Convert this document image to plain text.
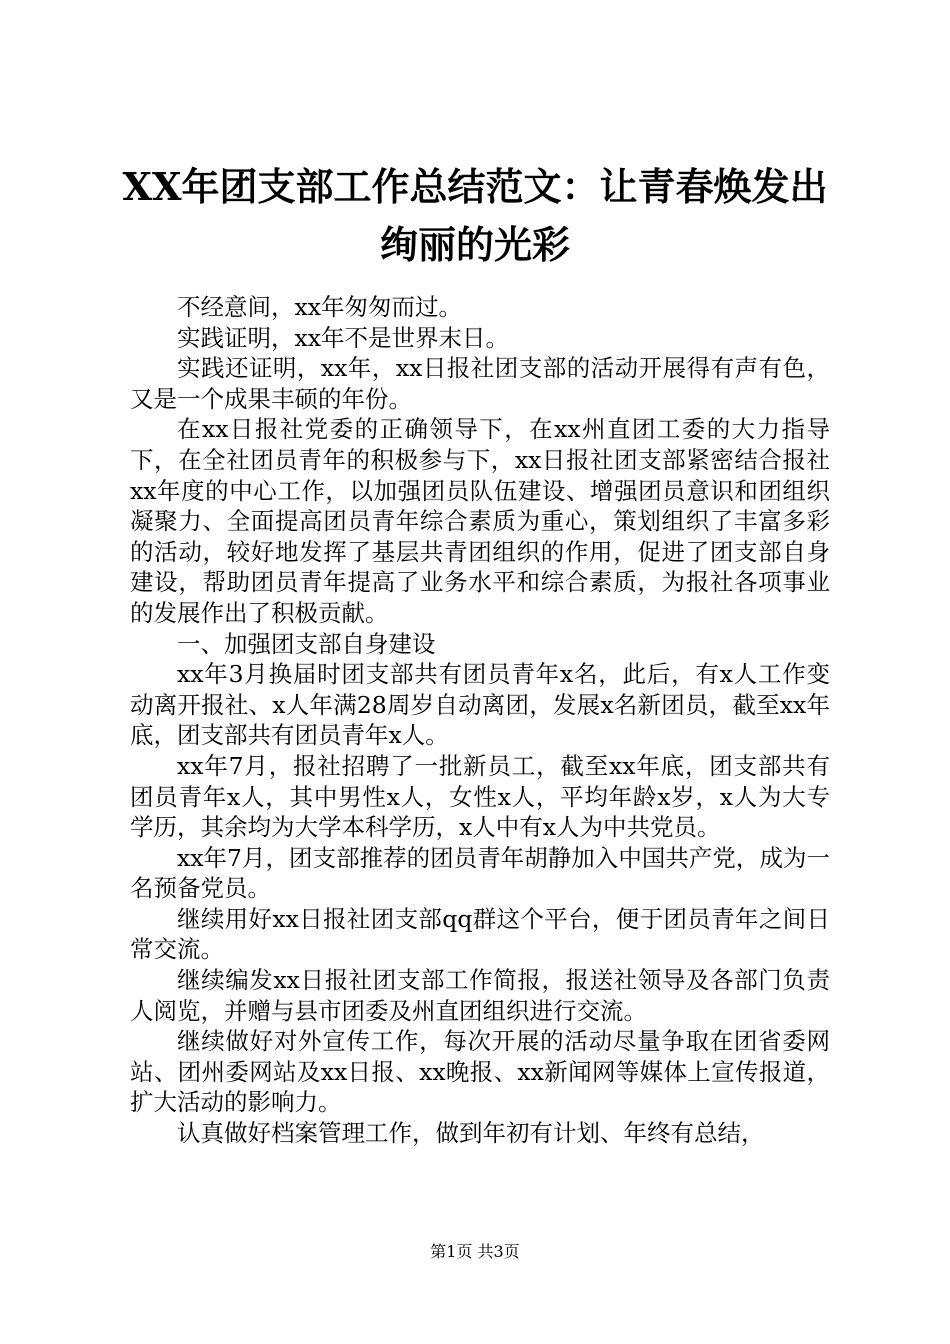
XX年团支部工作总结范文：让青春焕发出绚丽的光彩

不经意间，xx年匆匆而过。

实践证明，xx年不是世界末日。

实践还证明，xx年，xx日报社团支部的活动开展得有声有色，又是一个成果丰硕的年份。

在xx日报社党委的正确领导下，在xx州直团工委的大力指导下，在全社团员青年的积极参与下，xx日报社团支部紧密结合报社xx年度的中心工作，以加强团员队伍建设、增强团员意识和团组织凝聚力、全面提高团员青年综合素质为重心，策划组织了丰富多彩的活动，较好地发挥了基层共青团组织的作用，促进了团支部自身建设，帮助团员青年提高了业务水平和综合素质，为报社各项事业的发展作出了积极贡献。

一、加强团支部自身建设

xx年3月换届时团支部共有团员青年x名，此后，有x人工作变动离开报社、x人年满28周岁自动离团，发展x名新团员，截至xx年底，团支部共有团员青年x人。

xx年7月，报社招聘了一批新员工，截至xx年底，团支部共有团员青年x人，其中男性x人，女性x人，平均年龄x岁，x人为大专学历，其余均为大学本科学历，x人中有x人为中共党员。

xx年7月，团支部推荐的团员青年胡静加入中国共产党，成为一名预备党员。

继续用好xx日报社团支部qq群这个平台，便于团员青年之间日常交流。

继续编发xx日报社团支部工作简报，报送社领导及各部门负责人阅览，并赠与县市团委及州直团组织进行交流。

继续做好对外宣传工作，每次开展的活动尽量争取在团省委网站、团州委网站及xx日报、xx晚报、xx新闻网等媒体上宣传报道，扩大活动的影响力。

认真做好档案管理工作，做到年初有计划、年终有总结，

第1页 共3页
